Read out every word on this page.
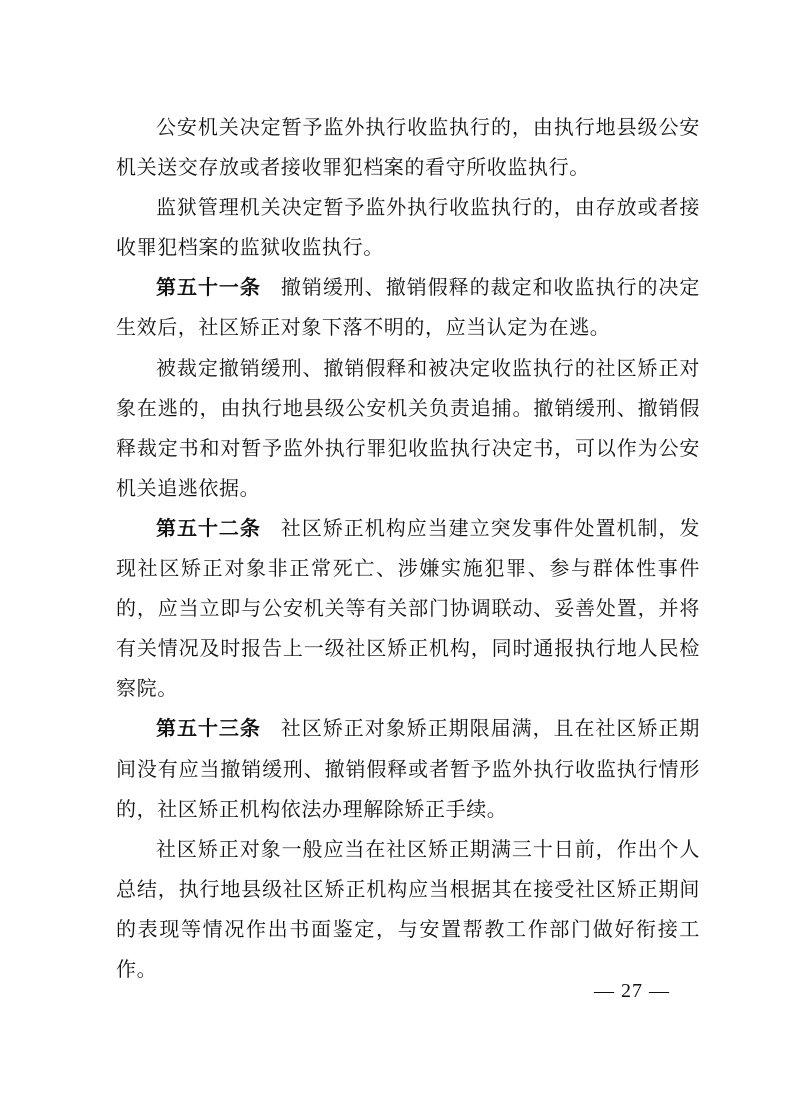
公安机关决定暂予监外执行收监执行的，由执行地县级公安机关送交存放或者接收罪犯档案的看守所收监执行。

监狱管理机关决定暂予监外执行收监执行的，由存放或者接收罪犯档案的监狱收监执行。

第五十一条 撤销缓刑、撤销假释的裁定和收监执行的决定生效后，社区矫正对象下落不明的，应当认定为在逃。

被裁定撤销缓刑、撤销假释和被决定收监执行的社区矫正对象在逃的，由执行地县级公安机关负责追捕。撤销缓刑、撤销假释裁定书和对暂予监外执行罪犯收监执行决定书，可以作为公安机关追逃依据。

第五十二条 社区矫正机构应当建立突发事件处置机制，发现社区矫正对象非正常死亡、涉嫌实施犯罪、参与群体性事件的，应当立即与公安机关等有关部门协调联动、妥善处置，并将有关情况及时报告上一级社区矫正机构，同时通报执行地人民检察院。

第五十三条 社区矫正对象矫正期限届满，且在社区矫正期间没有应当撤销缓刑、撤销假释或者暂予监外执行收监执行情形的，社区矫正机构依法办理解除矫正手续。

社区矫正对象一般应当在社区矫正期满三十日前，作出个人总结，执行地县级社区矫正机构应当根据其在接受社区矫正期间的表现等情况作出书面鉴定，与安置帮教工作部门做好衔接工作。

— 27 —
